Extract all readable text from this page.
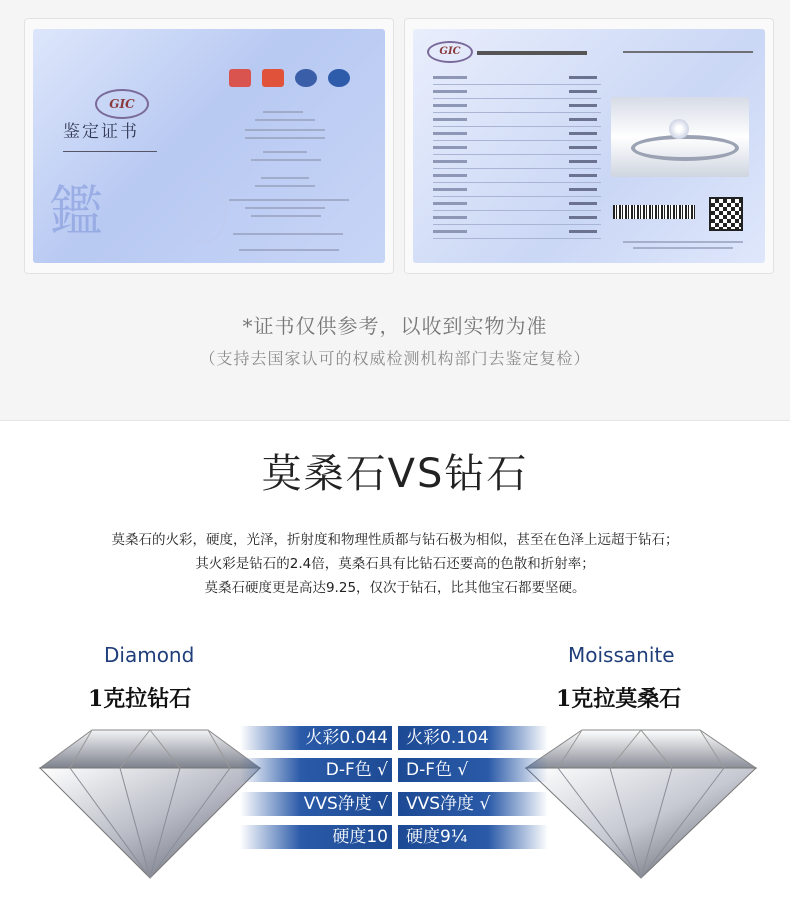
GIC
鉴定证书
鑑

GIC
*证书仅供参考，以收到实物为准
（支持去国家认可的权威检测机构部门去鉴定复检）
莫桑石VS钻石
莫桑石的火彩，硬度，光泽，折射度和物理性质都与钻石极为相似，甚至在色泽上远超于钻石；
其火彩是钻石的2.4倍，莫桑石具有比钻石还要高的色散和折射率；
莫桑石硬度更是高达9.25，仅次于钻石，比其他宝石都要坚硬。
Diamond	Moissanite
1克拉钻石	1克拉莫桑石
火彩0.044
D-F色 √
VVS净度 √
硬度10
火彩0.104
D-F色 √
VVS净度 √
硬度9¼
